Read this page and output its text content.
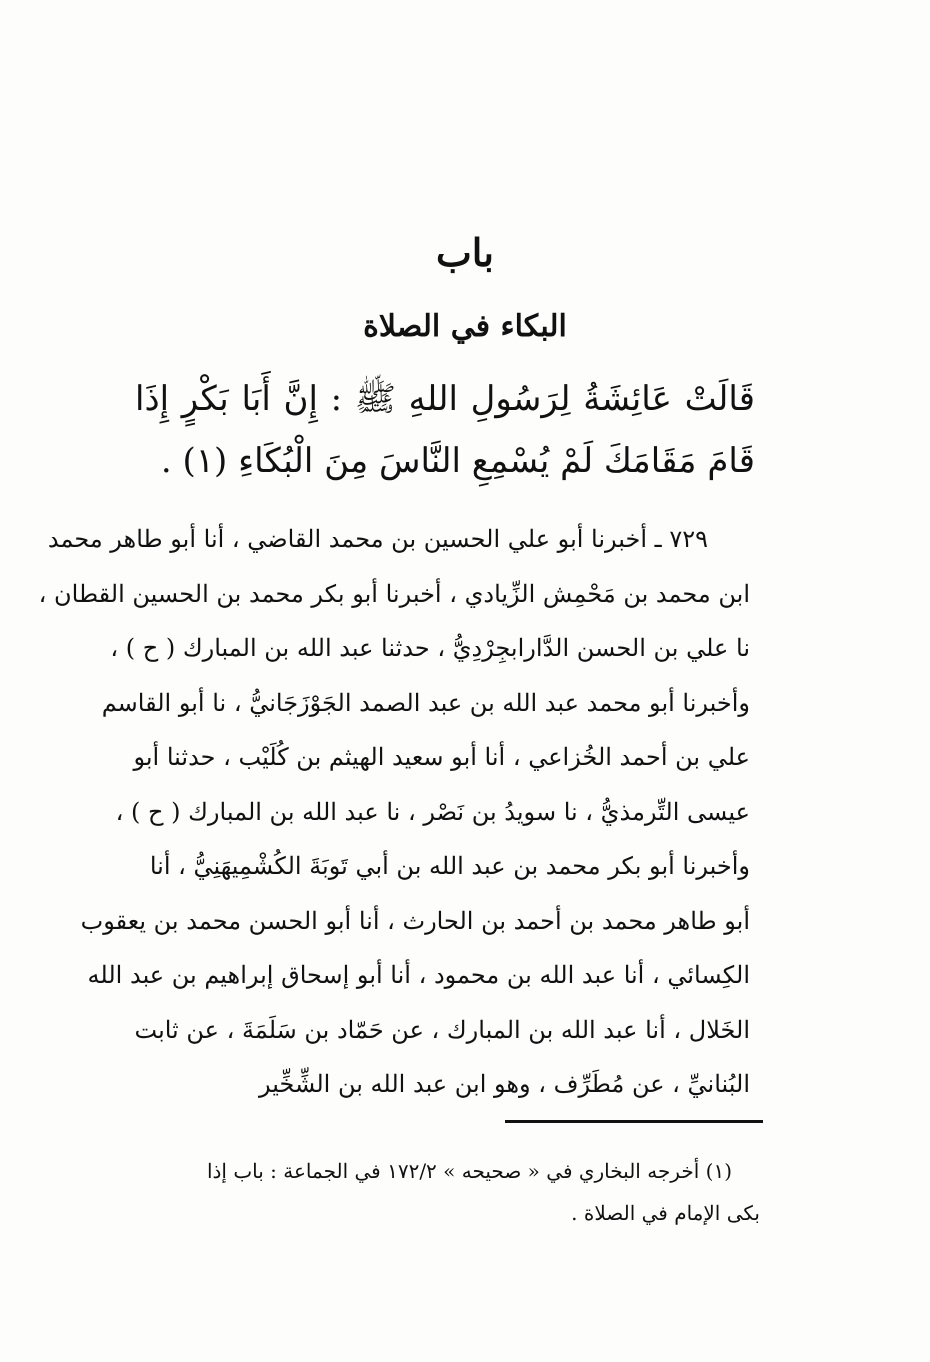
باب
البكاء في الصلاة

قَالَتْ عَائِشَةُ لِرَسُولِ اللهِ ﷺ : إِنَّ أَبَا بَكْرٍ إِذَا قَامَ مَقَامَكَ لَمْ يُسْمِعِ النَّاسَ مِنَ الْبُكَاءِ (١) .

٧٢٩ ـ أخبرنا أبو علي الحسين بن محمد القاضي ، أنا أبو طاهر محمد
ابن محمد بن مَحْمِش الزِّيادي ، أخبرنا أبو بكر محمد بن الحسين القطان ،
نا علي بن الحسن الدَّارابجِرْدِيُّ ، حدثنا عبد الله بن المبارك ( ح ) ،
وأخبرنا أبو محمد عبد الله بن عبد الصمد الجَوْزَجَانيُّ ، نا أبو القاسم
علي بن أحمد الخُزاعي ، أنا أبو سعيد الهيثم بن كُلَيْب ، حدثنا أبو
عيسى التِّرمذيُّ ، نا سويدُ بن نَصْر ، نا عبد الله بن المبارك ( ح ) ،
وأخبرنا أبو بكر محمد بن عبد الله بن أبي تَوبَةَ الكُشْمِيهَنِيُّ ، أنا
أبو طاهر محمد بن أحمد بن الحارث ، أنا أبو الحسن محمد بن يعقوب
الكِسائي ، أنا عبد الله بن محمود ، أنا أبو إسحاق إبراهيم بن عبد الله
الخَلال ، أنا عبد الله بن المبارك ، عن حَمّاد بن سَلَمَةَ ، عن ثابت
البُنانيِّ ، عن مُطَرِّف ، وهو ابن عبد الله بن الشِّخِّير
(١) أخرجه البخاري في « صحيحه » ١٧٢/٢ في الجماعة : باب إذا
بكى الإمام في الصلاة .
